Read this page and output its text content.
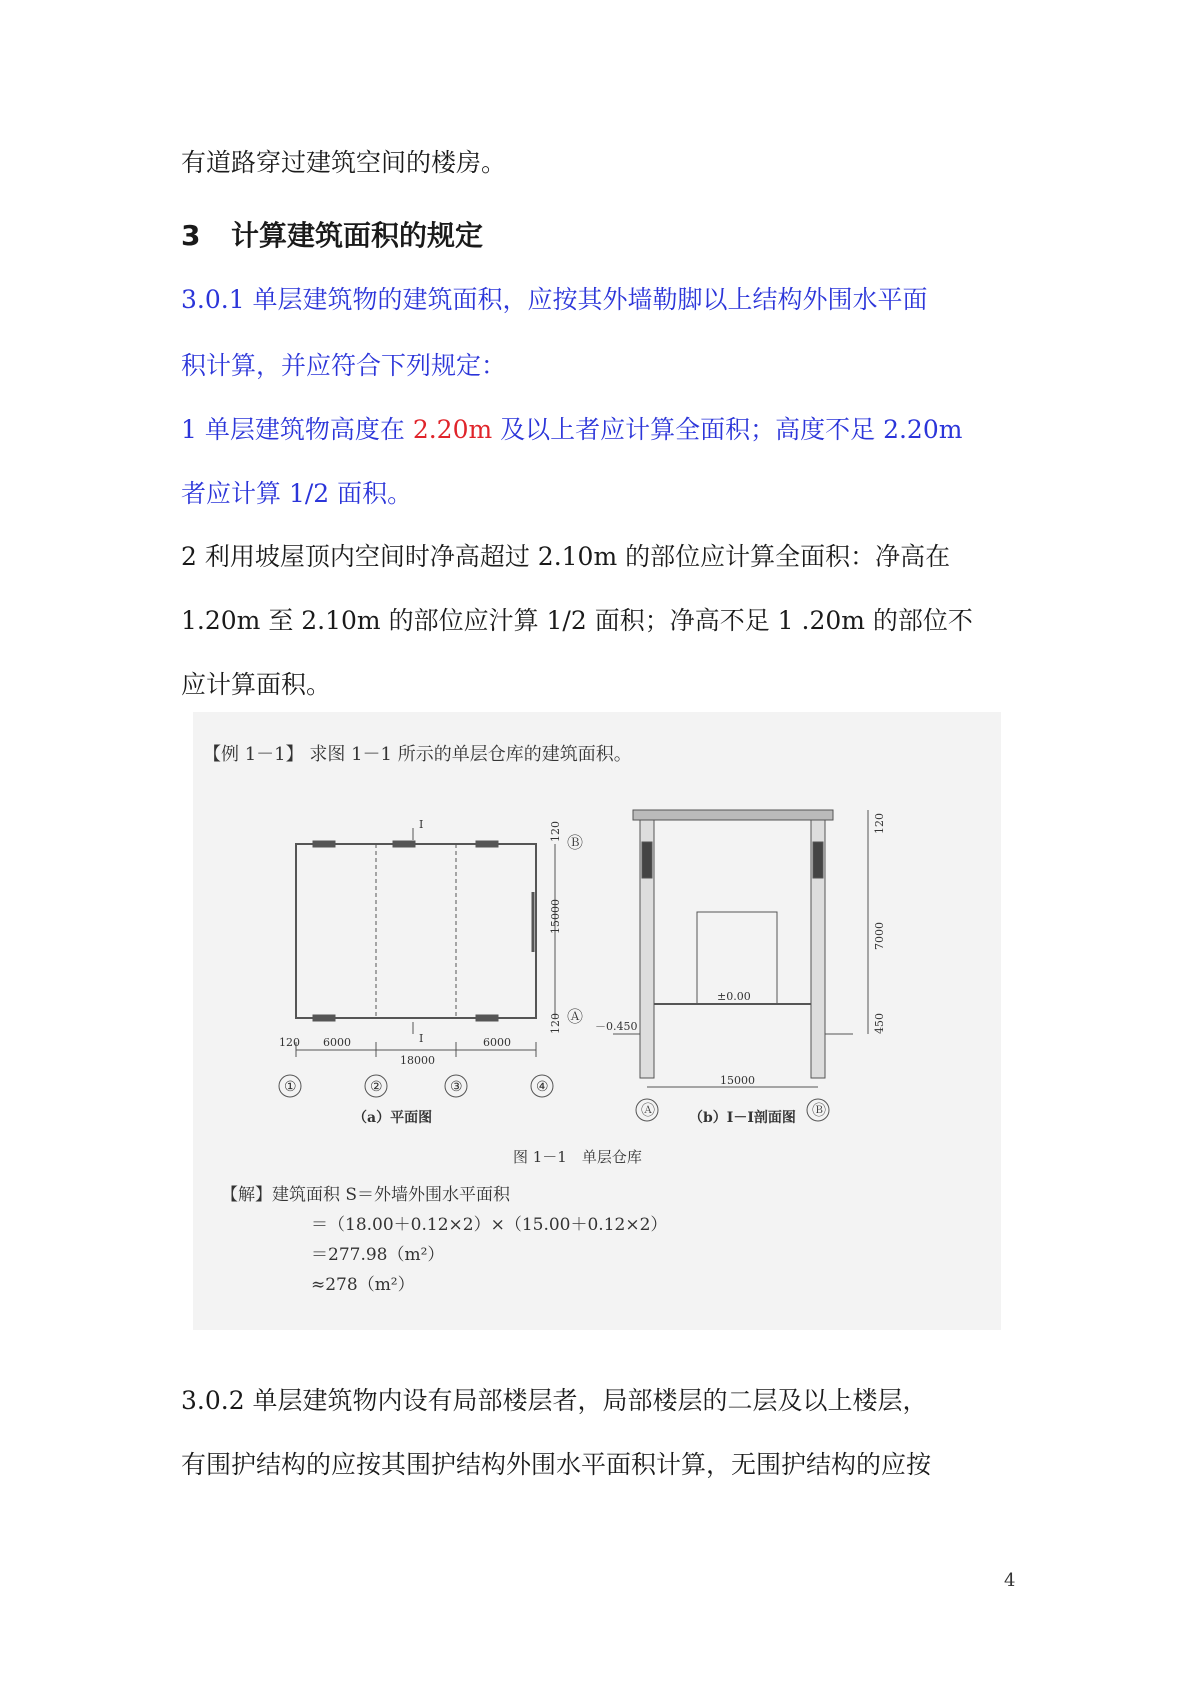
有道路穿过建筑空间的楼房。
3 计算建筑面积的规定
3.0.1 单层建筑物的建筑面积，应按其外墙勒脚以上结构外围水平面
积计算，并应符合下列规定：
1 单层建筑物高度在 2.20m 及以上者应计算全面积；高度不足 2.20m
者应计算 1/2 面积。
2 利用坡屋顶内空间时净高超过 2.10m 的部位应计算全面积：净高在
1.20m 至 2.10m 的部位应汁算 1/2 面积；净高不足 1 .20m 的部位不
应计算面积。
【例 1－1】 求图 1－1 所示的单层仓库的建筑面积。
Ⅰ
Ⅰ
120 6000
18000
6000
15000
120
120
Ⓑ
Ⓐ
①	②	③	④
（a）平面图
±0.00
－0.450
15000
7000
120
450
Ⓐ	Ⓑ
（b）Ⅰ－Ⅰ剖面图
图 1－1　单层仓库
【解】建筑面积 S＝外墙外围水平面积
＝（18.00＋0.12×2）×（15.00＋0.12×2）
＝277.98（m²）
≈278（m²）
3.0.2 单层建筑物内设有局部楼层者，局部楼层的二层及以上楼层，
有围护结构的应按其围护结构外围水平面积计算，无围护结构的应按
4
